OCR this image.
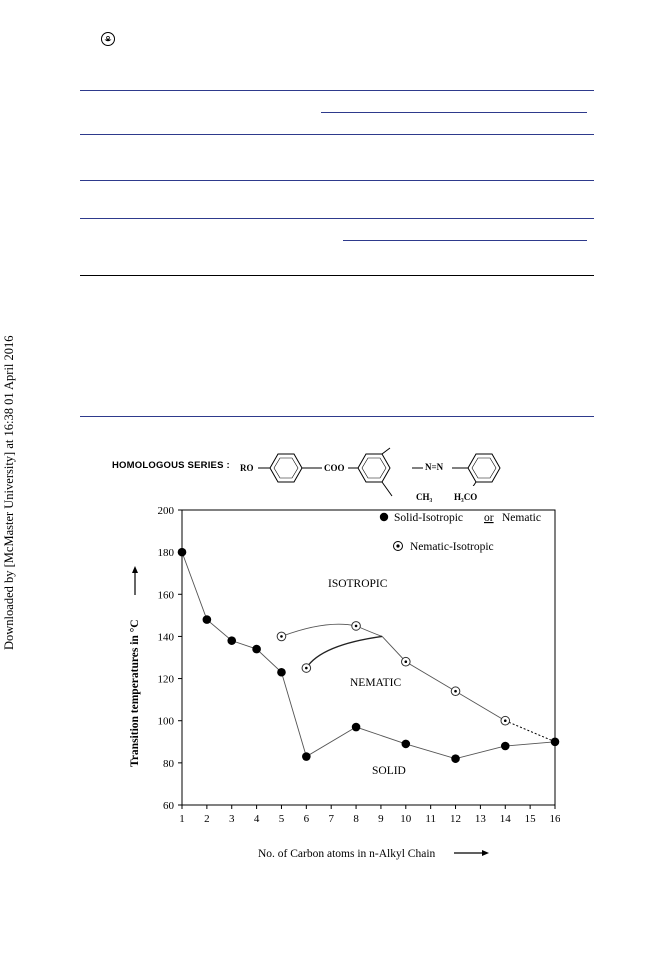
Downloaded by [McMaster University] at 16:38 01 April 2016	HOMOLOGOUS SERIES : RO	COO	N=N
CH₃ H₃CO
1 2 3 4 5 6 7 8 9 10 11 12 13 14 15 16
60
80
100
120
140
160
180
200
Solid-Isotropic or Nematic
Nematic-Isotropic
ISOTROPIC
NEMATIC
SOLID
No. of Carbon atoms in n-Alkyl Chain
Transition temperatures in °C
